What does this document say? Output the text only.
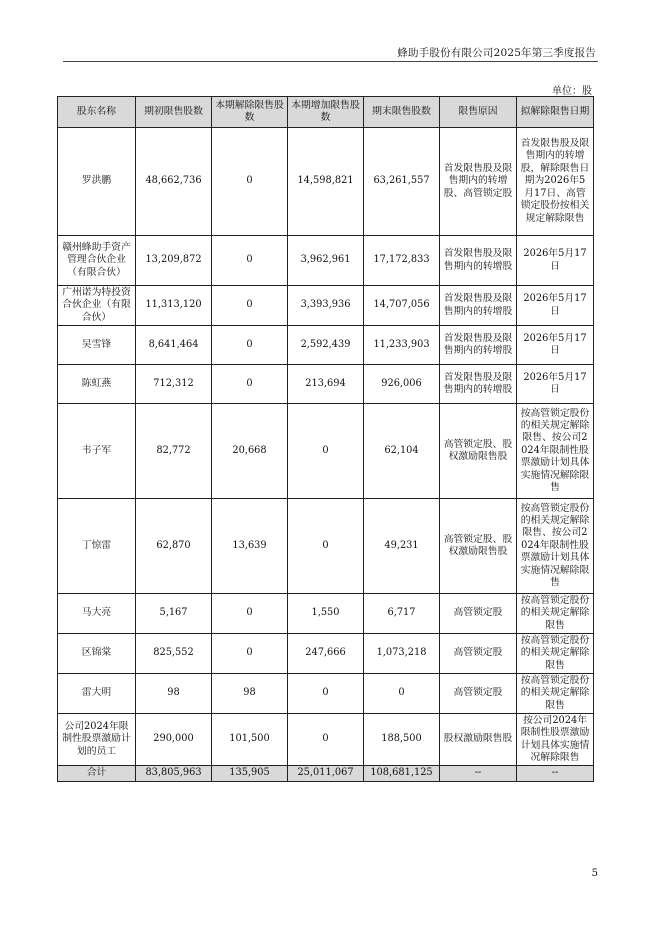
蜂助手股份有限公司2025年第三季度报告
单位：股
股东名称	期初限售股数	本期解除限售股数	本期增加限售股数	期末限售股数	限售原因	拟解除限售日期
罗洪鹏	48,662,736	0	14,598,821	63,261,557	首发限售股及限售期内的转增股、高管锁定股	首发限售股及限售期内的转增股，解除限售日期为2026年5月17日、高管锁定股份按相关规定解除限售
赣州蜂助手资产管理合伙企业（有限合伙）	13,209,872	0	3,962,961	17,172,833	首发限售股及限售期内的转增股	2026年5月17日
广州诺为特投资合伙企业（有限合伙）	11,313,120	0	3,393,936	14,707,056	首发限售股及限售期内的转增股	2026年5月17日
吴雪锋	8,641,464	0	2,592,439	11,233,903	首发限售股及限售期内的转增股	2026年5月17日
陈虹燕	712,312	0	213,694	926,006	首发限售股及限售期内的转增股	2026年5月17日
韦子军	82,772	20,668	0	62,104	高管锁定股、股权激励限售股	按高管锁定股份的相关规定解除限售、按公司2024年限制性股票激励计划具体实施情况解除限售
丁惊雷	62,870	13,639	0	49,231	高管锁定股、股权激励限售股	按高管锁定股份的相关规定解除限售、按公司2024年限制性股票激励计划具体实施情况解除限售
马大亮	5,167	0	1,550	6,717	高管锁定股	按高管锁定股份的相关规定解除限售
区锦棠	825,552	0	247,666	1,073,218	高管锁定股	按高管锁定股份的相关规定解除限售
雷大明	98	98	0	0	高管锁定股	按高管锁定股份的相关规定解除限售
公司2024年限制性股票激励计划的员工	290,000	101,500	0	188,500	股权激励限售股	按公司2024年限制性股票激励计划具体实施情况解除限售
合计	83,805,963	135,905	25,011,067	108,681,125	--	--
5
